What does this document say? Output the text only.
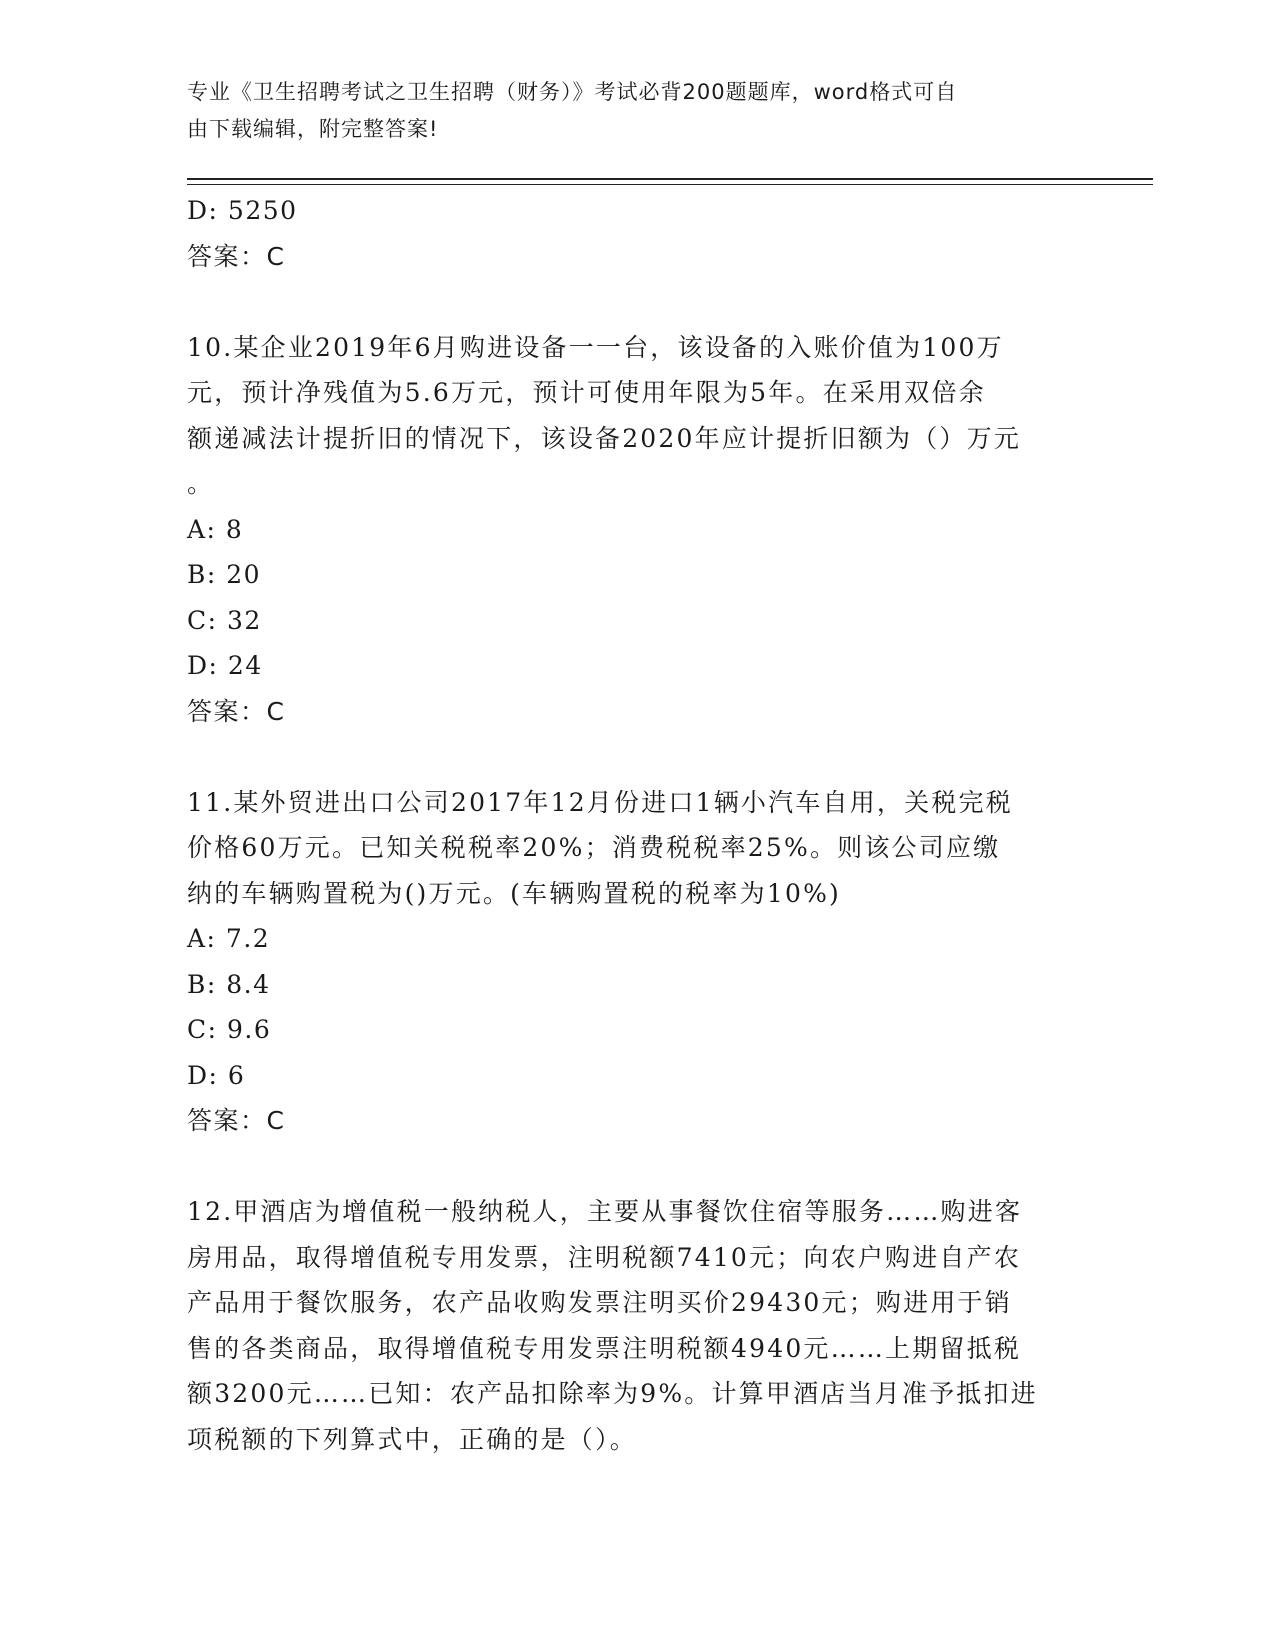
专业《卫生招聘考试之卫生招聘（财务）》考试必背200题题库，word格式可自
由下载编辑，附完整答案!
D: 5250
答案：C
10.某企业2019年6月购进设备一一台，该设备的入账价值为100万
元，预计净残值为5.6万元，预计可使用年限为5年。在采用双倍余
额递减法计提折旧的情况下，该设备2020年应计提折旧额为（）万元
。
A: 8
B: 20
C: 32
D: 24
答案：C
11.某外贸进出口公司2017年12月份进口1辆小汽车自用，关税完税
价格60万元。已知关税税率20%；消费税税率25%。则该公司应缴
纳的车辆购置税为()万元。(车辆购置税的税率为10%)
A: 7.2
B: 8.4
C: 9.6
D: 6
答案：C
12.甲酒店为增值税一般纳税人，主要从事餐饮住宿等服务……购进客
房用品，取得增值税专用发票，注明税额7410元；向农户购进自产农
产品用于餐饮服务，农产品收购发票注明买价29430元；购进用于销
售的各类商品，取得增值税专用发票注明税额4940元……上期留抵税
额3200元……已知：农产品扣除率为9%。计算甲酒店当月准予抵扣进
项税额的下列算式中，正确的是（）。
